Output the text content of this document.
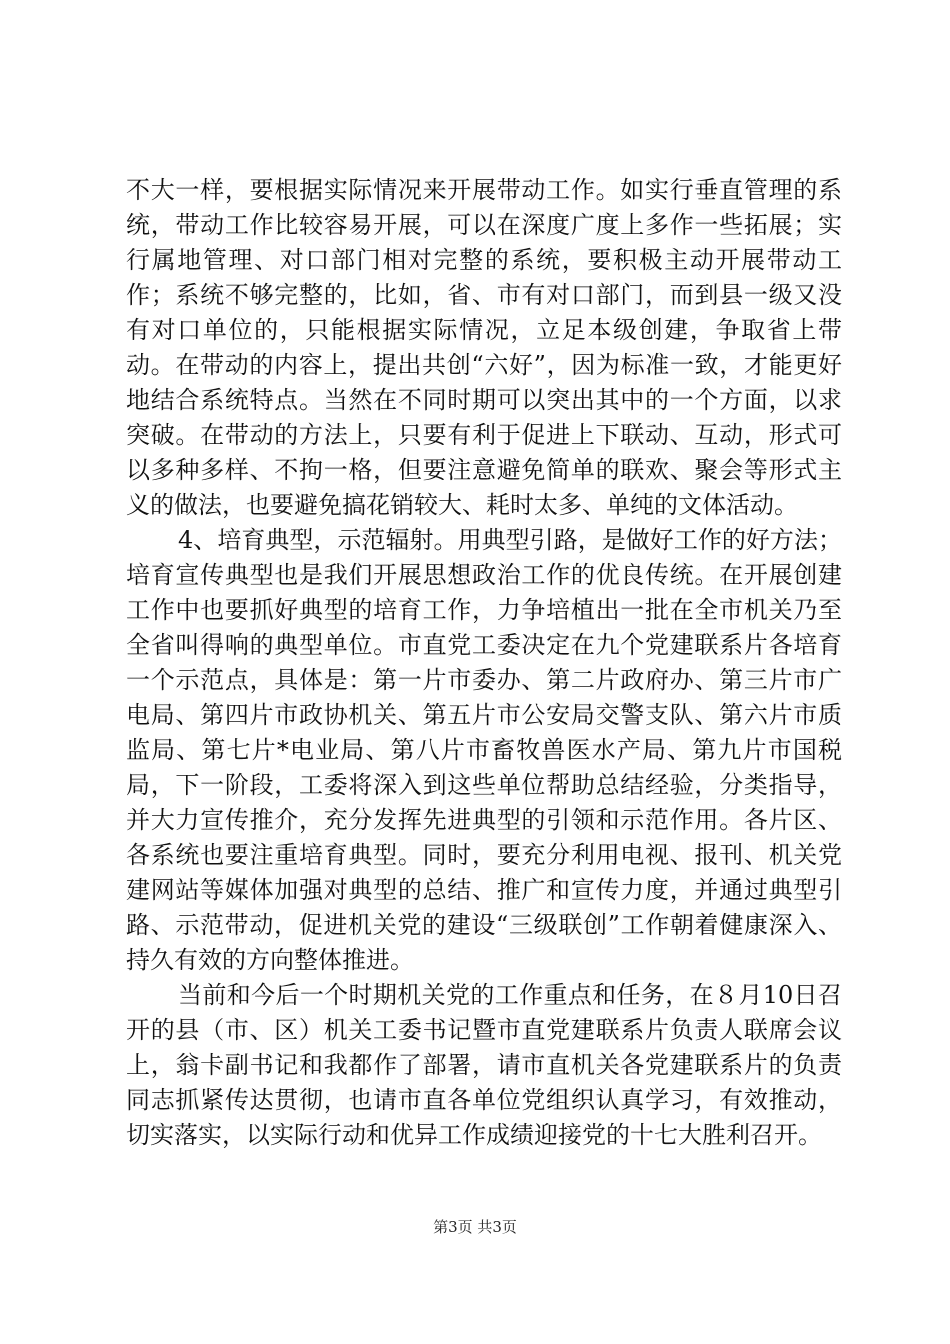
不大一样，要根据实际情况来开展带动工作。如实行垂直管理的系统，带动工作比较容易开展，可以在深度广度上多作一些拓展；实行属地管理、对口部门相对完整的系统，要积极主动开展带动工作；系统不够完整的，比如，省、市有对口部门，而到县一级又没有对口单位的，只能根据实际情况，立足本级创建，争取省上带动。在带动的内容上，提出共创“六好”，因为标准一致，才能更好地结合系统特点。当然在不同时期可以突出其中的一个方面，以求突破。在带动的方法上，只要有利于促进上下联动、互动，形式可以多种多样、不拘一格，但要注意避免简单的联欢、聚会等形式主义的做法，也要避免搞花销较大、耗时太多、单纯的文体活动。

4、培育典型，示范辐射。用典型引路，是做好工作的好方法；培育宣传典型也是我们开展思想政治工作的优良传统。在开展创建工作中也要抓好典型的培育工作，力争培植出一批在全市机关乃至全省叫得响的典型单位。市直党工委决定在九个党建联系片各培育一个示范点，具体是：第一片市委办、第二片政府办、第三片市广电局、第四片市政协机关、第五片市公安局交警支队、第六片市质监局、第七片*电业局、第八片市畜牧兽医水产局、第九片市国税局，下一阶段，工委将深入到这些单位帮助总结经验，分类指导，并大力宣传推介，充分发挥先进典型的引领和示范作用。各片区、各系统也要注重培育典型。同时，要充分利用电视、报刊、机关党建网站等媒体加强对典型的总结、推广和宣传力度，并通过典型引路、示范带动，促进机关党的建设“三级联创”工作朝着健康深入、持久有效的方向整体推进。

当前和今后一个时期机关党的工作重点和任务，在８月10日召开的县（市、区）机关工委书记暨市直党建联系片负责人联席会议上，翁卡副书记和我都作了部署，请市直机关各党建联系片的负责同志抓紧传达贯彻，也请市直各单位党组织认真学习，有效推动，切实落实，以实际行动和优异工作成绩迎接党的十七大胜利召开。

第3页 共3页
